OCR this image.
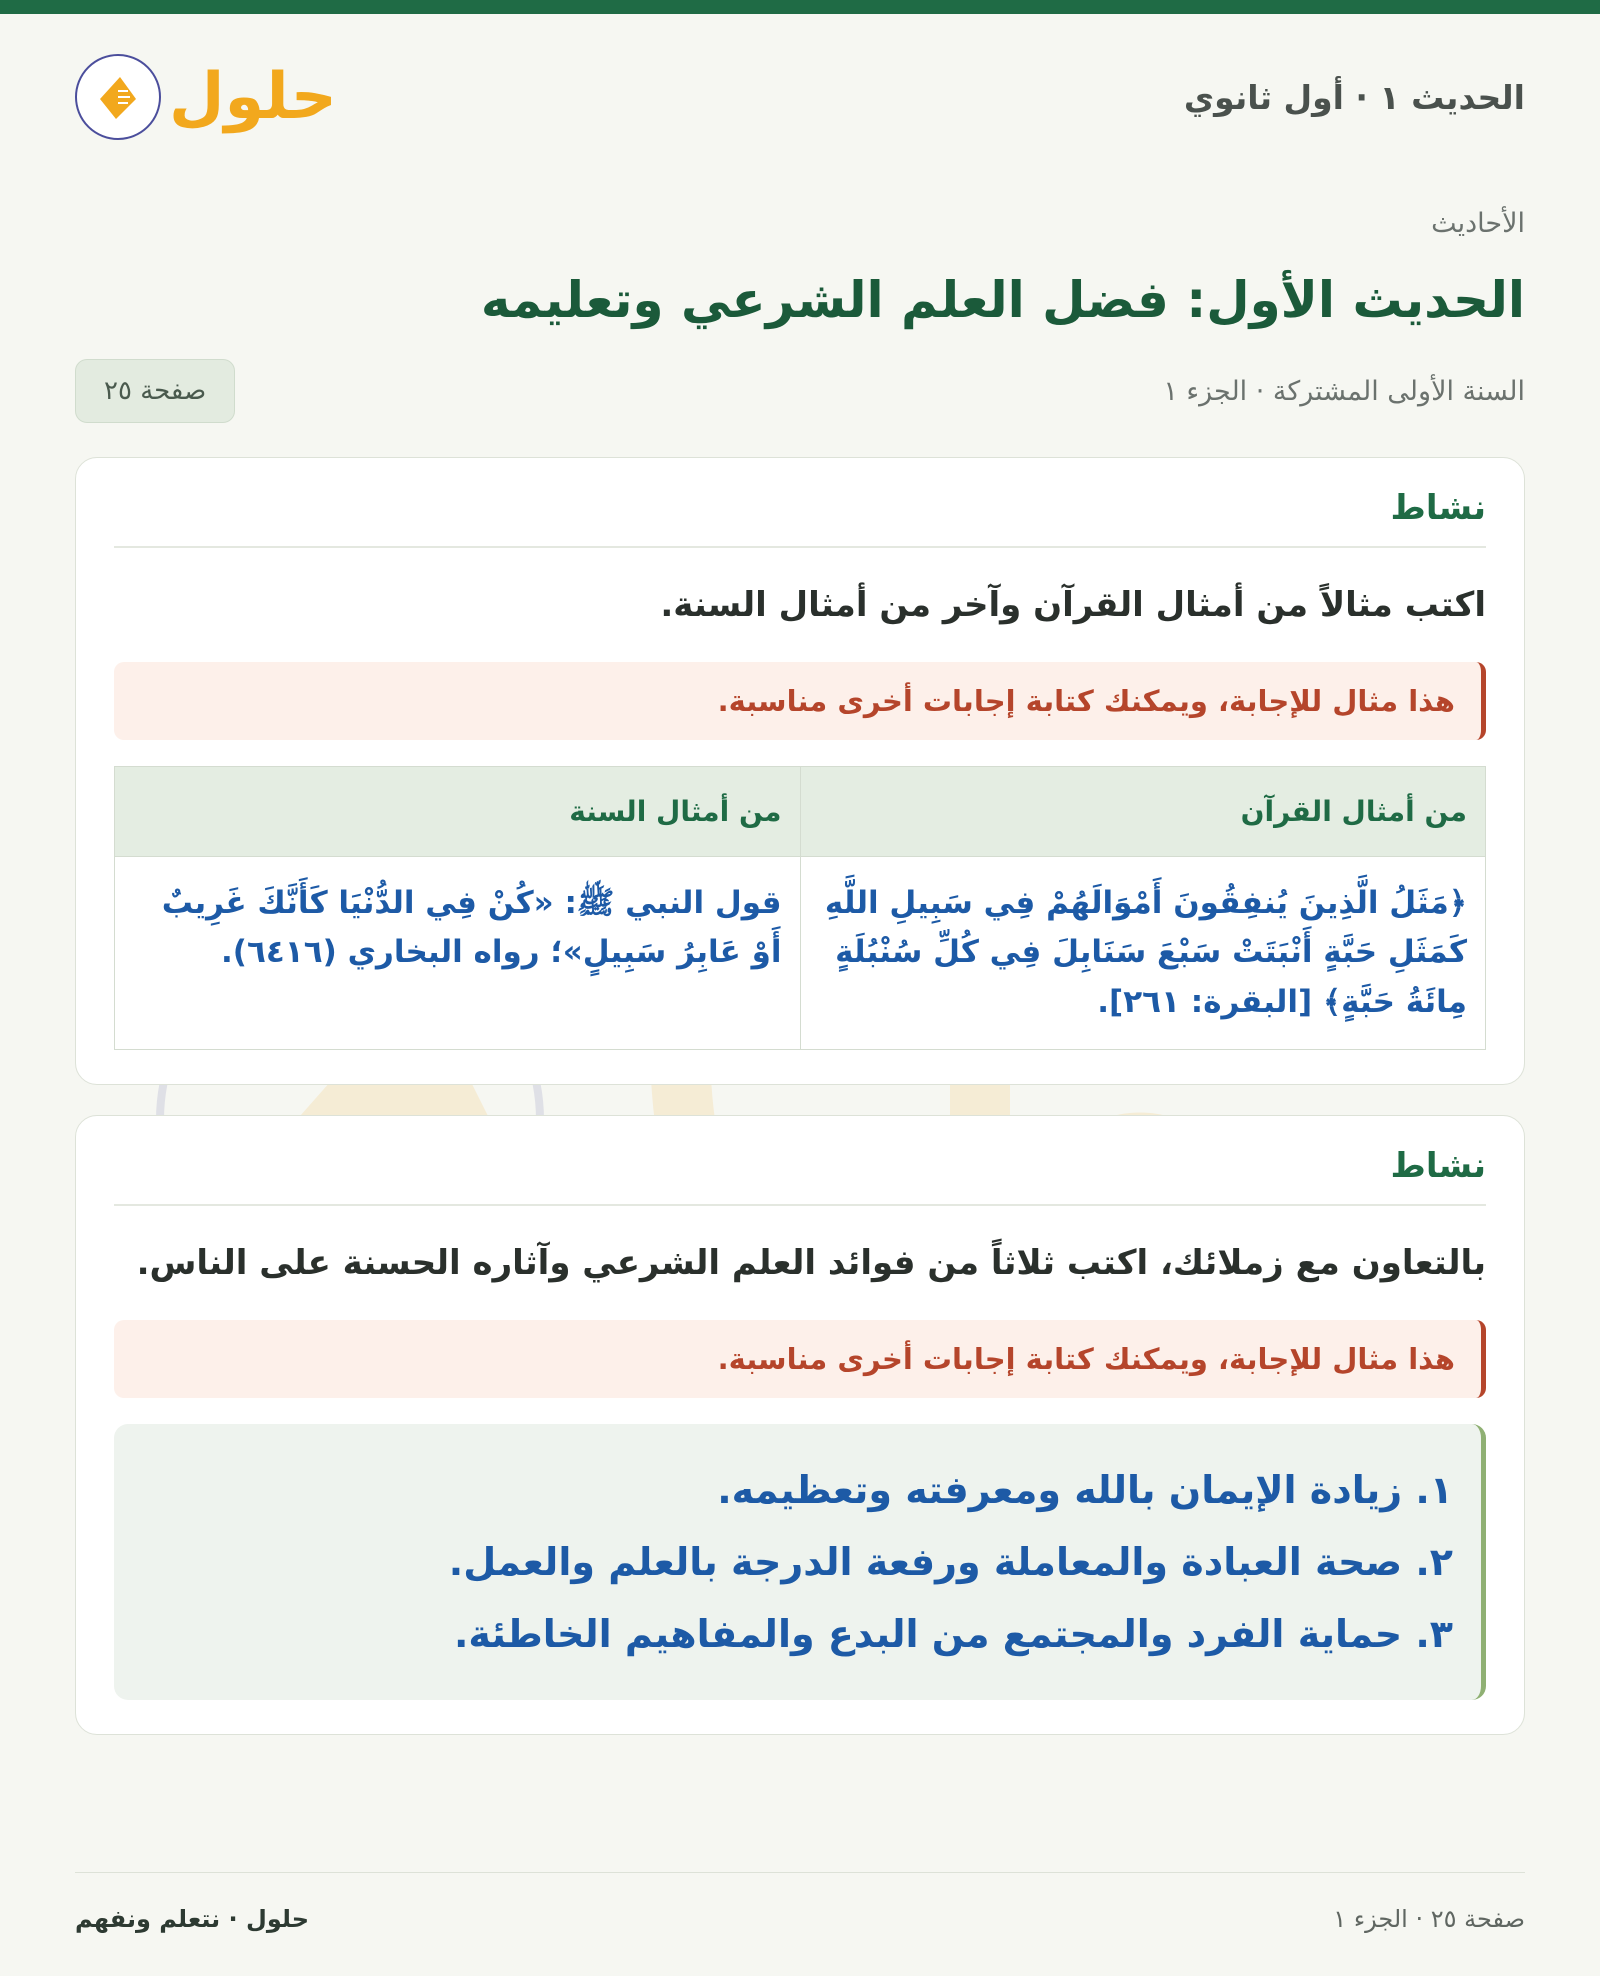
الحديث ١ · أول ثانوي
حلول
الأحاديث
الحديث الأول: فضل العلم الشرعي وتعليمه
السنة الأولى المشتركة · الجزء ١
صفحة ٢٥
نشاط

اكتب مثالاً من أمثال القرآن وآخر من أمثال السنة.

هذا مثال للإجابة، ويمكنك كتابة إجابات أخرى مناسبة.
من أمثال القرآن	من أمثال السنة
﴿مَثَلُ الَّذِينَ يُنفِقُونَ أَمْوَالَهُمْ فِي سَبِيلِ اللَّهِ كَمَثَلِ حَبَّةٍ أَنْبَتَتْ سَبْعَ سَنَابِلَ فِي كُلِّ سُنْبُلَةٍ مِائَةُ حَبَّةٍ﴾ [البقرة: ٢٦١].	قول النبي ﷺ: «كُنْ فِي الدُّنْيَا كَأَنَّكَ غَرِيبٌ أَوْ عَابِرُ سَبِيلٍ»؛ رواه البخاري (٦٤١٦).
نشاط

بالتعاون مع زملائك، اكتب ثلاثاً من فوائد العلم الشرعي وآثاره الحسنة على الناس.

هذا مثال للإجابة، ويمكنك كتابة إجابات أخرى مناسبة.
١. زيادة الإيمان بالله ومعرفته وتعظيمه.
٢. صحة العبادة والمعاملة ورفعة الدرجة بالعلم والعمل.
٣. حماية الفرد والمجتمع من البدع والمفاهيم الخاطئة.
صفحة ٢٥ · الجزء ١
حلول · نتعلم ونفهم
